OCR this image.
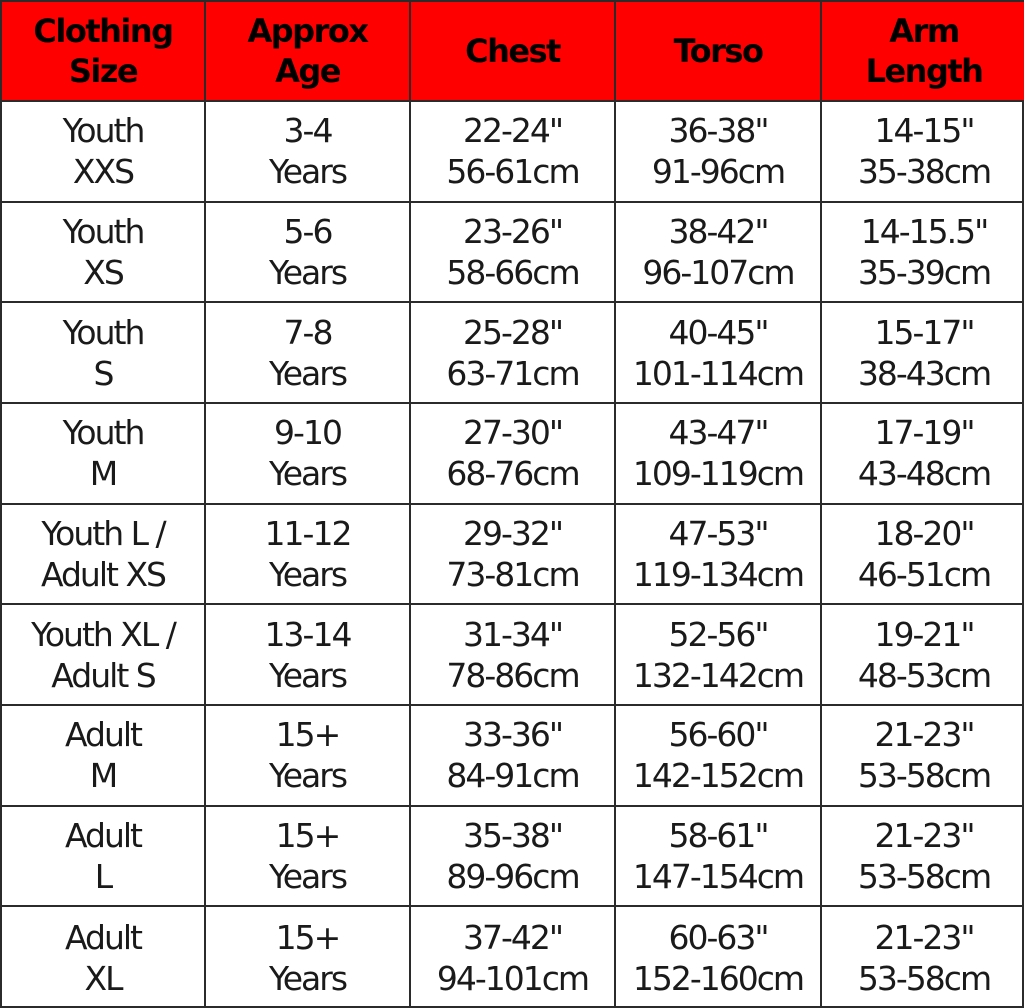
Clothing
Size
Approx
Age
Chest	Torso
Arm
Length
Youth
XXS
3-4
Years
22-24"
56-61cm
36-38"
91-96cm
14-15"
35-38cm
Youth
XS
5-6
Years
23-26"
58-66cm
38-42"
96-107cm
14-15.5"
35-39cm
Youth
S
7-8
Years
25-28"
63-71cm
40-45"
101-114cm
15-17"
38-43cm
Youth
M
9-10
Years
27-30"
68-76cm
43-47"
109-119cm
17-19"
43-48cm
Youth L /
Adult XS
11-12
Years
29-32"
73-81cm
47-53"
119-134cm
18-20"
46-51cm
Youth XL /
Adult S
13-14
Years
31-34"
78-86cm
52-56"
132-142cm
19-21"
48-53cm
Adult
M
15+
Years
33-36"
84-91cm
56-60"
142-152cm
21-23"
53-58cm
Adult
L
15+
Years
35-38"
89-96cm
58-61"
147-154cm
21-23"
53-58cm
Adult
XL
15+
Years
37-42"
94-101cm
60-63"
152-160cm
21-23"
53-58cm
